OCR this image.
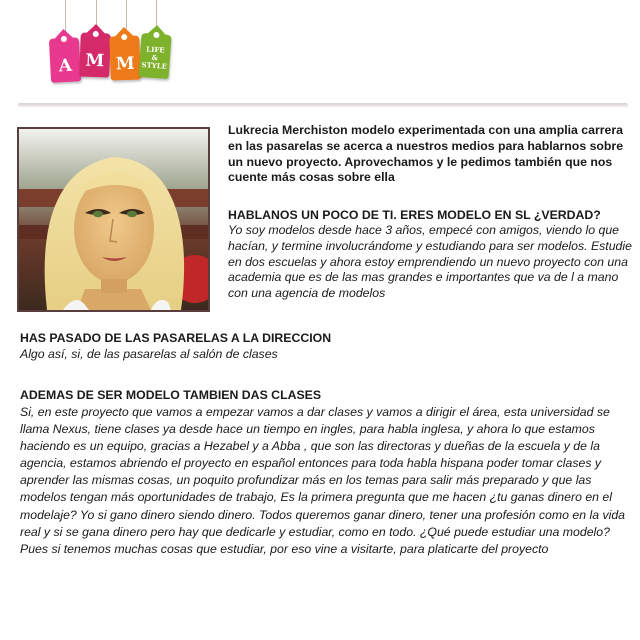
A M M
LIFE
&
STYLE
Lukrecia Merchiston modelo experimentada con una amplia carrera en las pasarelas se acerca a nuestros medios para hablarnos sobre un nuevo proyecto. Aprovechamos y le pedimos también que nos cuente más cosas sobre ella
HABLANOS UN POCO DE TI. ERES MODELO EN SL ¿VERDAD?
Yo soy modelos desde hace 3 años, empecé con amigos, viendo lo que hacían, y termine involucrándome y estudiando para ser modelos. Estudie en dos escuelas y ahora estoy emprendiendo un nuevo proyecto con una academia que es de las mas grandes e importantes que va de l a mano con una agencia de modelos
HAS PASADO DE LAS PASARELAS A LA DIRECCION
Algo así, si, de las pasarelas al salón de clases
ADEMAS DE SER MODELO TAMBIEN DAS CLASES
Si, en este proyecto que vamos a empezar vamos a dar clases y vamos a dirigir el área, esta universidad se llama Nexus, tiene clases ya desde hace un tiempo en ingles, para habla inglesa, y ahora lo que estamos haciendo es un equipo, gracias a Hezabel y a Abba , que son las directoras y dueñas de la escuela y de la agencia, estamos abriendo el proyecto en español entonces para toda habla hispana poder tomar clases y aprender las mismas cosas, un poquito profundizar más en los temas para salir más preparado y que las modelos tengan más oportunidades de trabajo, Es la primera pregunta que me hacen ¿tu ganas dinero en el modelaje? Yo si gano dinero siendo dinero. Todos queremos ganar dinero, tener una profesión como en la vida real y si se gana dinero pero hay que dedicarle y estudiar, como en todo. ¿Qué puede estudiar una modelo? Pues si tenemos muchas cosas que estudiar, por eso vine a visitarte, para platicarte del proyecto
